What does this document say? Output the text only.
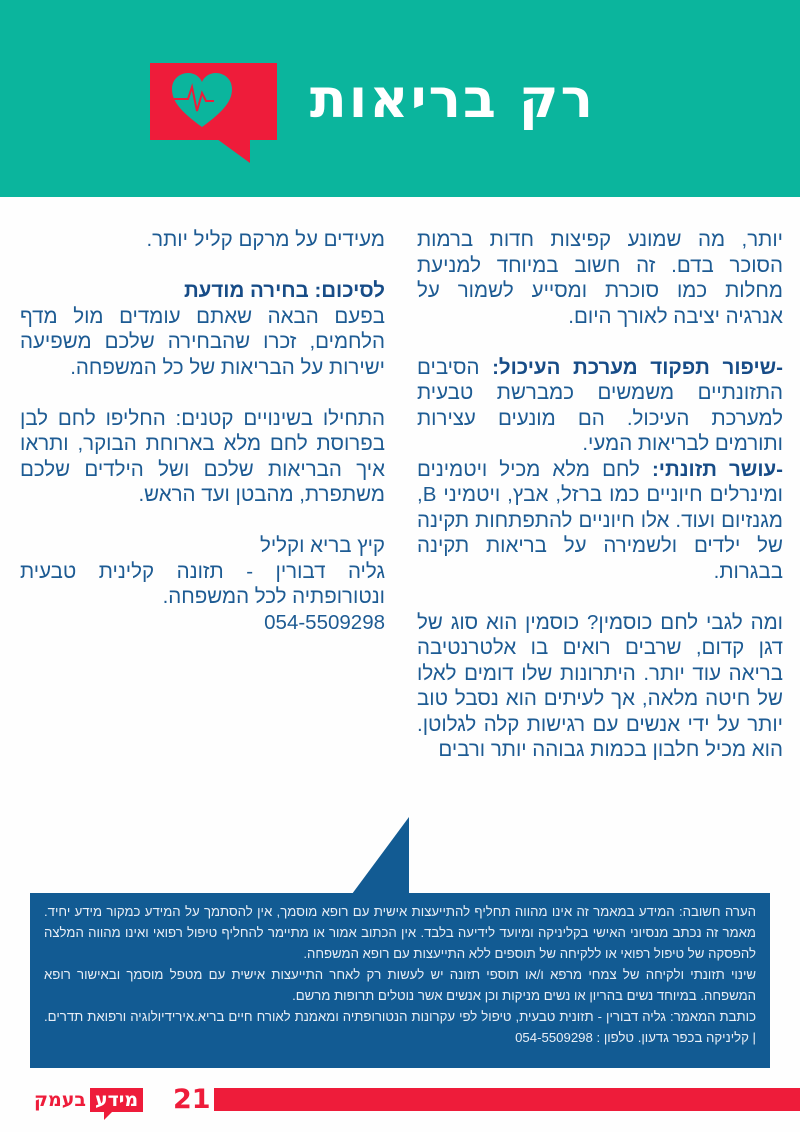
רק בריאות

יותר, מה שמונע קפיצות חדות ברמות הסוכר בדם. זה חשוב במיוחד למניעת מחלות כמו סוכרת ומסייע לשמור על אנרגיה יציבה לאורך היום.

-שיפור תפקוד מערכת העיכול: הסיבים התזונתיים משמשים כמברשת טבעית למערכת העיכול. הם מונעים עצירות ותורמים לבריאות המעי.

-עושר תזונתי: לחם מלא מכיל ויטמינים ומינרלים חיוניים כמו ברזל, אבץ, ויטמיני B, מגנזיום ועוד. אלו חיוניים להתפתחות תקינה של ילדים ולשמירה על בריאות תקינה בבגרות.

ומה לגבי לחם כוסמין? כוסמין הוא סוג של דגן קדום, שרבים רואים בו אלטרנטיבה בריאה עוד יותר. היתרונות שלו דומים לאלו של חיטה מלאה, אך לעיתים הוא נסבל טוב יותר על ידי אנשים עם רגישות קלה לגלוטן. הוא מכיל חלבון בכמות גבוהה יותר ורבים

מעידים על מרקם קליל יותר.

לסיכום: בחירה מודעת

בפעם הבאה שאתם עומדים מול מדף הלחמים, זכרו שהבחירה שלכם משפיעה ישירות על הבריאות של כל המשפחה.

התחילו בשינויים קטנים: החליפו לחם לבן בפרוסת לחם מלא בארוחת הבוקר, ותראו איך הבריאות שלכם ושל הילדים שלכם משתפרת, מהבטן ועד הראש.

קיץ בריא וקליל

גליה דבורין - תזונה קלינית טבעית ונטורופתיה לכל המשפחה.

054-5509298

הערה חשובה: המידע במאמר זה אינו מהווה תחליף להתייעצות אישית עם רופא מוסמך, אין להסתמך על המידע כמקור מידע יחיד. מאמר זה נכתב מנסיוני האישי בקליניקה ומיועד לידיעה בלבד. אין הכתוב אמור או מתיימר להחליף טיפול רפואי ואינו מהווה המלצה להפסקה של טיפול רפואי או ללקיחה של תוספים ללא התייעצות עם רופא המשפחה.

שינוי תזונתי ולקיחה של צמחי מרפא ו/או תוספי תזונה יש לעשות רק לאחר התייעצות אישית עם מטפל מוסמך ובאישור רופא המשפחה. במיוחד נשים בהריון או נשים מניקות וכן אנשים אשר נוטלים תרופות מרשם.

כותבת המאמר: גליה דבורין - תזונית טבעית, טיפול לפי עקרונות הנטורופתיה ומאמנת לאורח חיים בריא.אירידיולוגיה ורפואת תדרים. | קליניקה בכפר גדעון. טלפון : 054-5509298

21
מידע
בעמק
